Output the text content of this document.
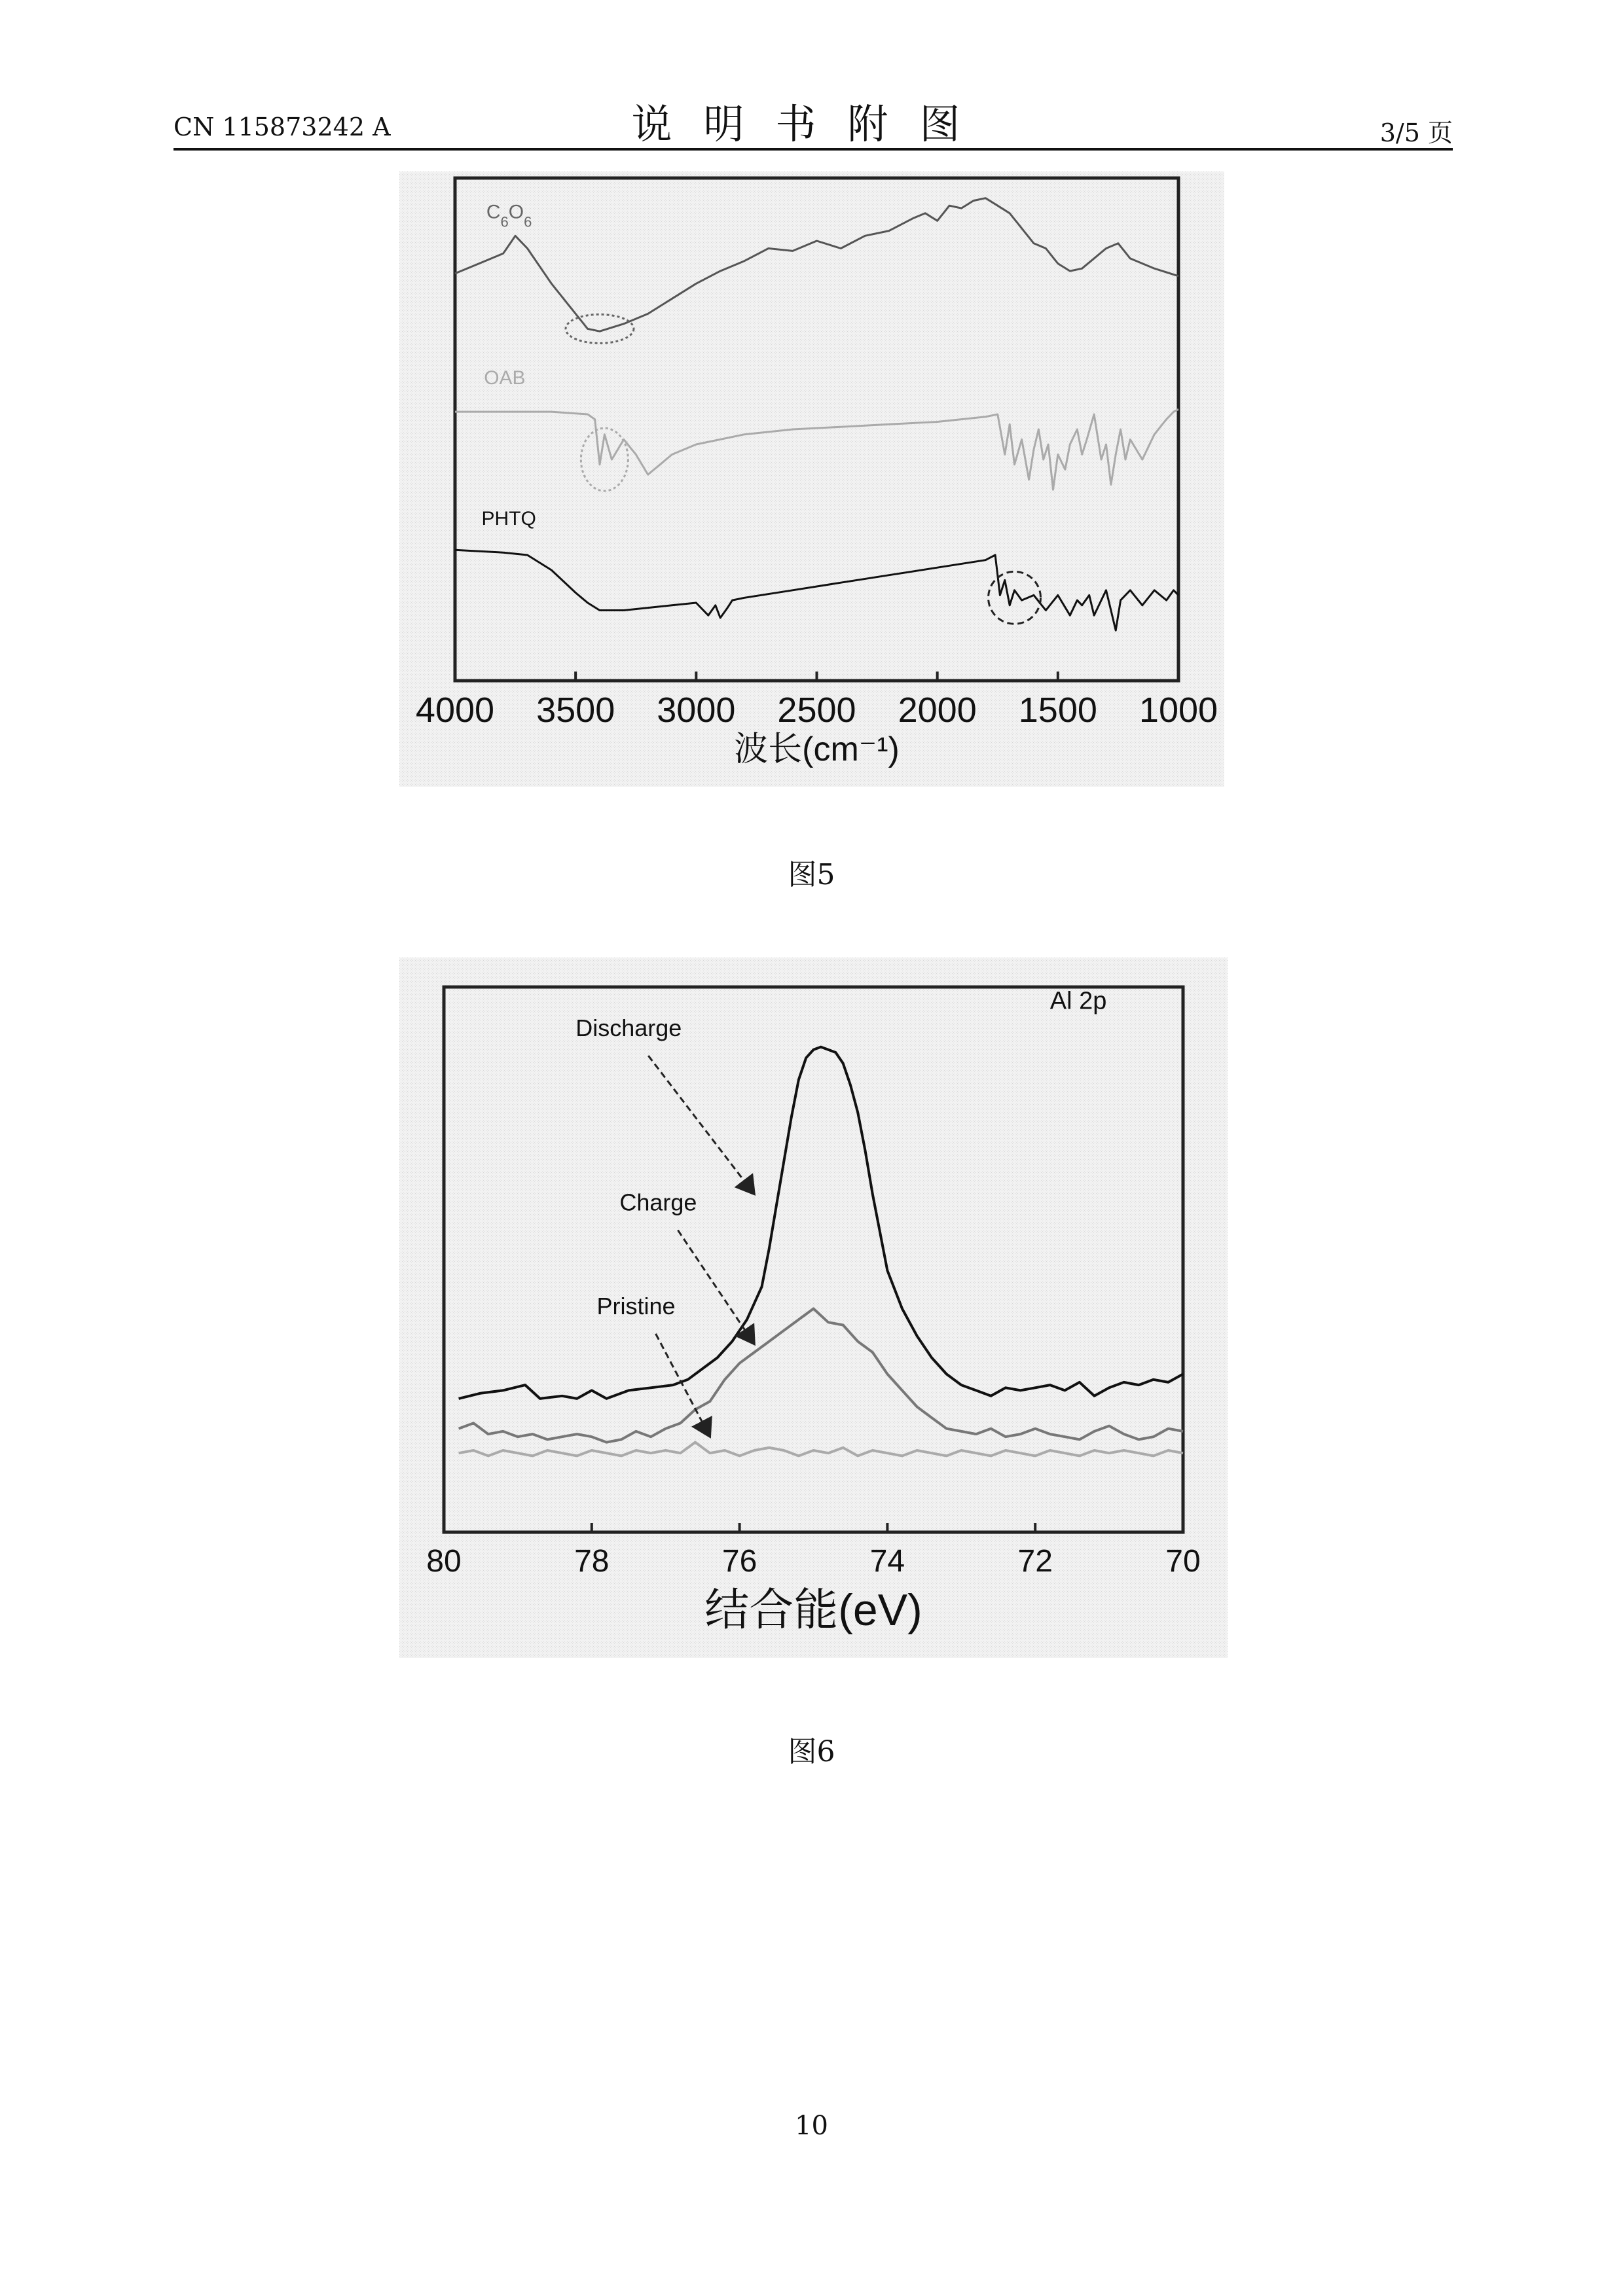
CN 115873242 A	说明书附图	3/5 页
4000 3500 3000 2500 2000 1500 1000
波长(cm⁻¹)
$C_6O_6$
OAB
PHTQ
图5
80	78	76	74	72	70
结合能(eV)
Al 2p
Discharge
Charge
Pristine
图6
10
